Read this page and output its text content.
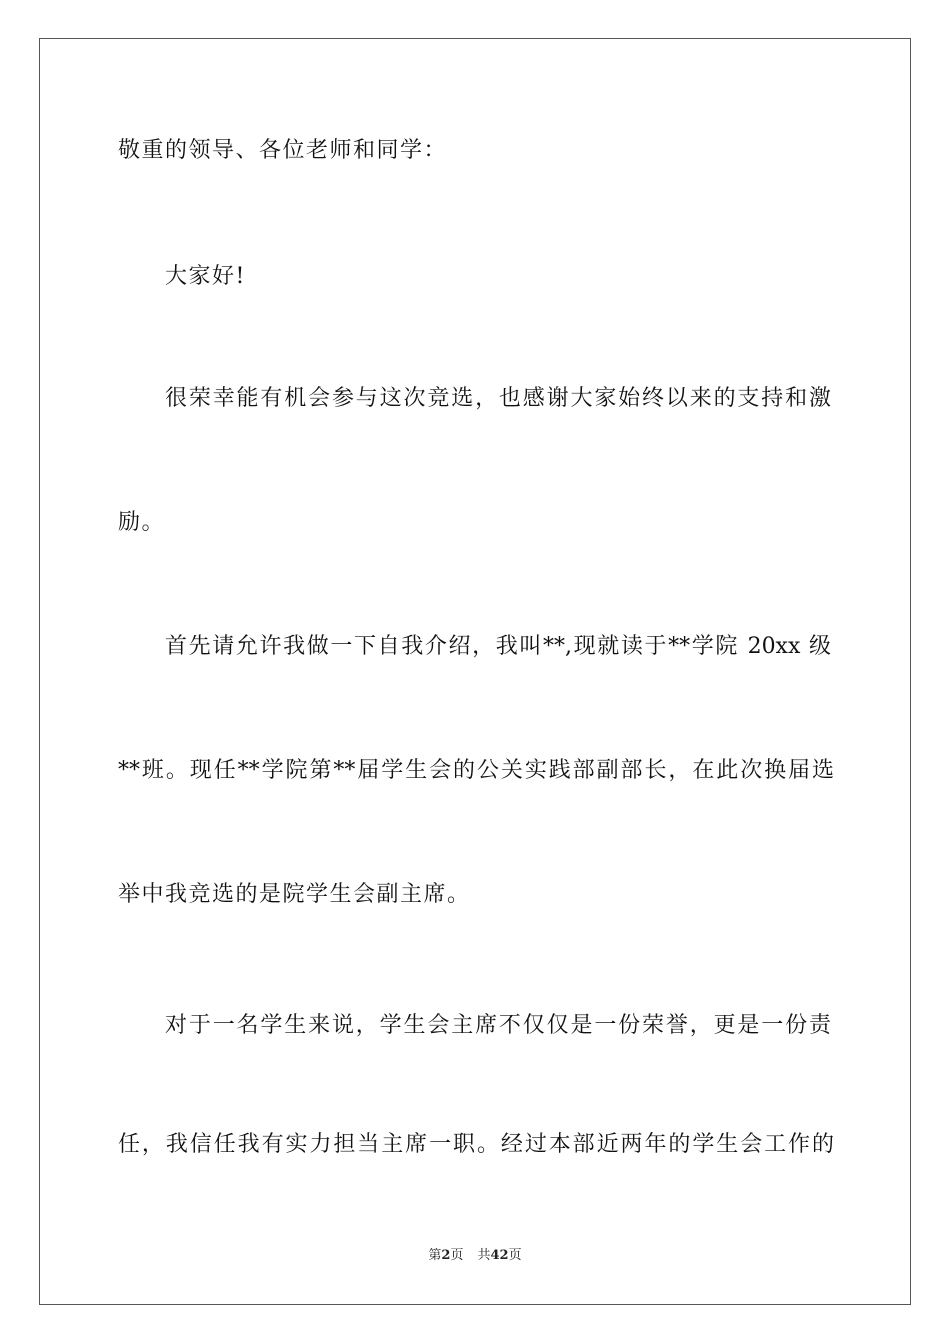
敬重的领导、各位老师和同学：
大家好!
很荣幸能有机会参与这次竞选，也感谢大家始终以来的支持和激
励。
首先请允许我做一下自我介绍，我叫**,现就读于**学院 20xx 级
**班。现任**学院第**届学生会的公关实践部副部长，在此次换届选
举中我竞选的是院学生会副主席。
对于一名学生来说，学生会主席不仅仅是一份荣誉，更是一份责
任，我信任我有实力担当主席一职。经过本部近两年的学生会工作的
第2页 共42页
